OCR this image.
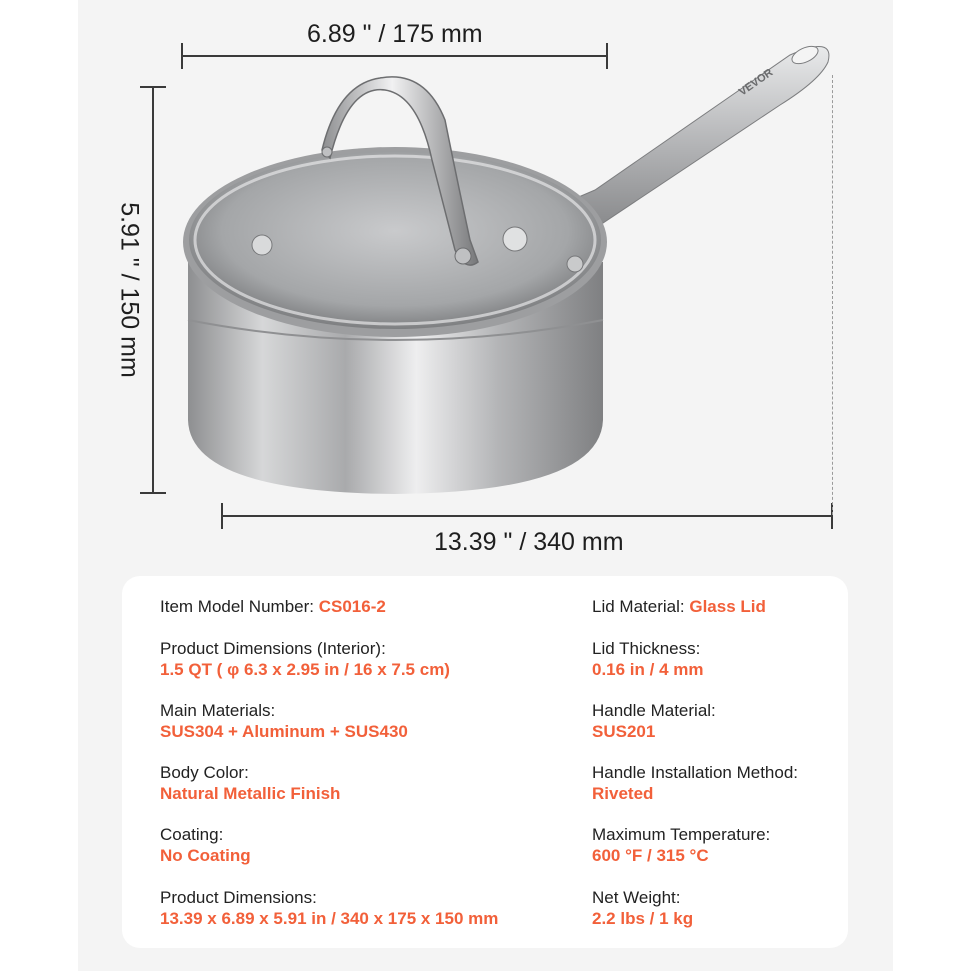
6.89 " / 175 mm
5.91 " / 150 mm
13.39 " / 340 mm
VEVOR
Item Model Number: CS016-2
Product Dimensions (Interior):
1.5 QT ( φ 6.3 x 2.95 in / 16 x 7.5 cm)
Main Materials:
SUS304 + Aluminum + SUS430
Body Color:
Natural Metallic Finish
Coating:
No Coating
Product Dimensions:
13.39 x 6.89 x 5.91 in / 340 x 175 x 150 mm
Lid Material: Glass Lid
Lid Thickness:
0.16 in / 4 mm
Handle Material:
SUS201
Handle Installation Method:
Riveted
Maximum Temperature:
600 °F / 315 °C
Net Weight:
2.2 lbs / 1 kg
